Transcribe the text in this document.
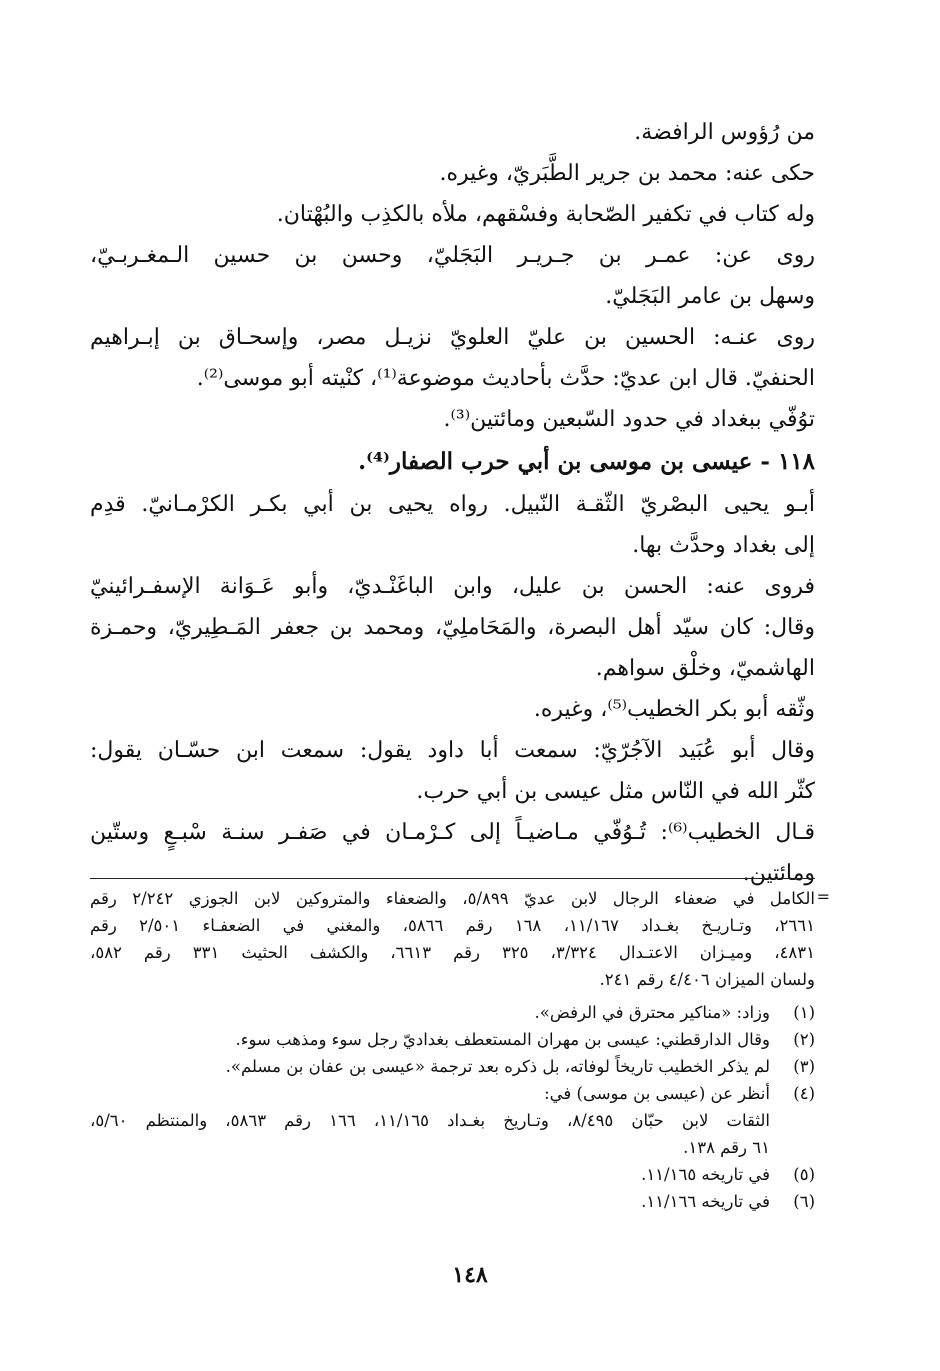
من رُؤوس الرافضة.
حكى عنه: محمد بن جرير الطَّبَريّ، وغيره.
وله كتاب في تكفير الصّحابة وفسْقهم، ملأه بالكذِب والبُهْتان.
روى عن: عمـر بن جـريـر البَجَليّ، وحسن بن حسين الـمغـربـيّ،
وسهل بن عامر البَجَليّ.
روى عنـه: الحسين بن عليّ العلويّ نزيـل مصر، وإسحـاق بن إبـراهيم
الحنفيّ. قال ابن عديّ: حدَّث بأحاديث موضوعة⁽¹⁾، كنْيته أبو موسى⁽²⁾.
توُفّي ببغداد في حدود السّبعين ومائتين⁽³⁾.
١١٨ - عيسى بن موسى بن أبي حرب الصفار⁽⁴⁾.
أبـو يحيى البصْريّ الثّقـة النّبيل. رواه يحيى بن أبي بكـر الكرْمـانيّ. قدِم
إلى بغداد وحدَّث بها.
فروى عنه: الحسن بن عليل، وابن الباغَنْـديّ، وأبو عَـوَانة الإسفـرائينيّ
وقال: كان سيّد أهل البصرة، والمَحَاملِيّ، ومحمد بن جعفر المَـطِيريّ، وحمـزة
الهاشميّ، وخلْق سواهم.
وثّقه أبو بكر الخطيب⁽⁵⁾، وغيره.
وقال أبو عُبَيد الآجُرّيّ: سمعت أبا داود يقول: سمعت ابن حسّـان يقول:
كثّر الله في النّاس مثل عيسى بن أبي حرب.
قـال الخطيب⁽⁶⁾: تُـوُفّي مـاضيـاً إلى كـرْمـان في صَفـر سنـة سْبـعٍ وستّين
ومائتين.
=
الكامل في ضعفاء الرجال لابن عديّ ٥/٨٩٩، والضعفاء والمتروكين لابن الجوزي ٢/٢٤٢ رقم
٢٦٦١، وتـاريـخ بغـداد ١١/١٦٧، ١٦٨ رقم ٥٨٦٦، والمغني في الضعفـاء ٢/٥٠١ رقم
٤٨٣١، وميـزان الاعتـدال ٣/٣٢٤، ٣٢٥ رقم ٦٦١٣، والكشف الحثيث ٣٣١ رقم ٥٨٢،
ولسان الميزان ٤/٤٠٦ رقم ٢٤١.
(١)
وزاد: «مناكير محترق في الرفض».
(٢)
وقال الدارقطني: عيسى بن مهران المستعطف بغداديّ رجل سوء ومذهب سوء.
(٣)
لم يذكر الخطيب تاريخاً لوفاته، بل ذكره بعد ترجمة «عيسى بن عفان بن مسلم».
(٤)
أنظر عن (عيسى بن موسى) في:
الثقات لابن حبّان ٨/٤٩٥، وتـاريخ بغـداد ١١/١٦٥، ١٦٦ رقم ٥٨٦٣، والمنتظم ٥/٦٠،
٦١ رقم ١٣٨.
(٥)
في تاريخه ١١/١٦٥.
(٦)
في تاريخه ١١/١٦٦.
١٤٨
